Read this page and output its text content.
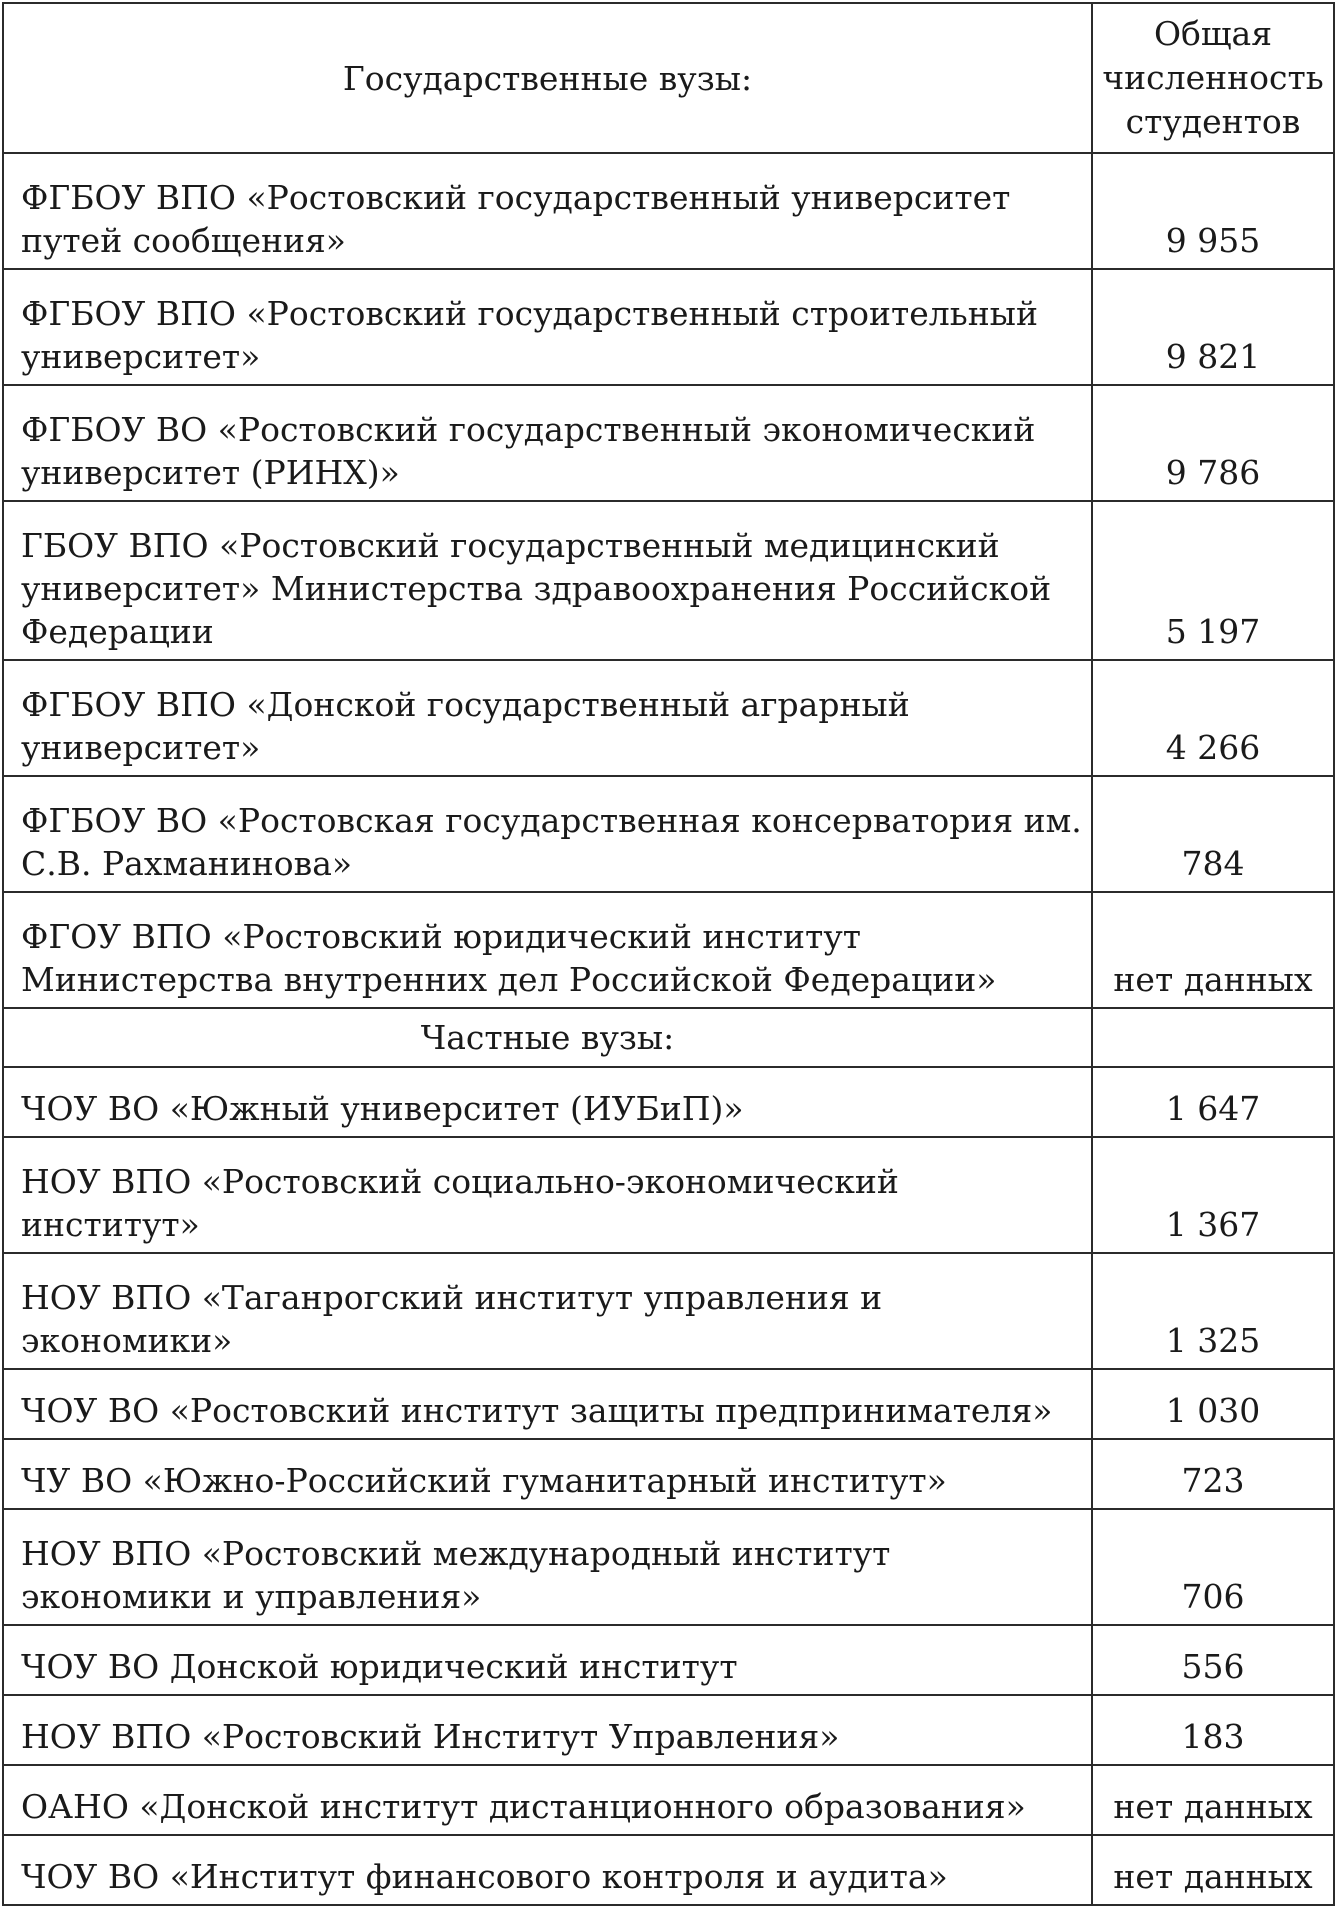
Государственные вузы:	Общая численность студентов
ФГБОУ ВПО «Ростовский государственный университет путей сообщения»	9 955
ФГБОУ ВПО «Ростовский государственный строительный университет»	9 821
ФГБОУ ВО «Ростовский государственный экономический университет (РИНХ)»	9 786
ГБОУ ВПО «Ростовский государственный медицинский университет» Министерства здравоохранения Российской Федерации	5 197
ФГБОУ ВПО «Донской государственный аграрный университет»	4 266
ФГБОУ ВО «Ростовская государственная консерватория им. С.В. Рахманинова»	784
ФГОУ ВПО «Ростовский юридический институт Министерства внутренних дел Российской Федерации»	нет данных
Частные вузы:	
ЧОУ ВО «Южный университет (ИУБиП)»	1 647
НОУ ВПО «Ростовский социально-экономический институт»	1 367
НОУ ВПО «Таганрогский институт управления и экономики»	1 325
ЧОУ ВО «Ростовский институт защиты предпринимателя»	1 030
ЧУ ВО «Южно-Российский гуманитарный институт»	723
НОУ ВПО «Ростовский международный институт экономики и управления»	706
ЧОУ ВО Донской юридический институт	556
НОУ ВПО «Ростовский Институт Управления»	183
ОАНО «Донской институт дистанционного образования»	нет данных
ЧОУ ВО «Институт финансового контроля и аудита»	нет данных
